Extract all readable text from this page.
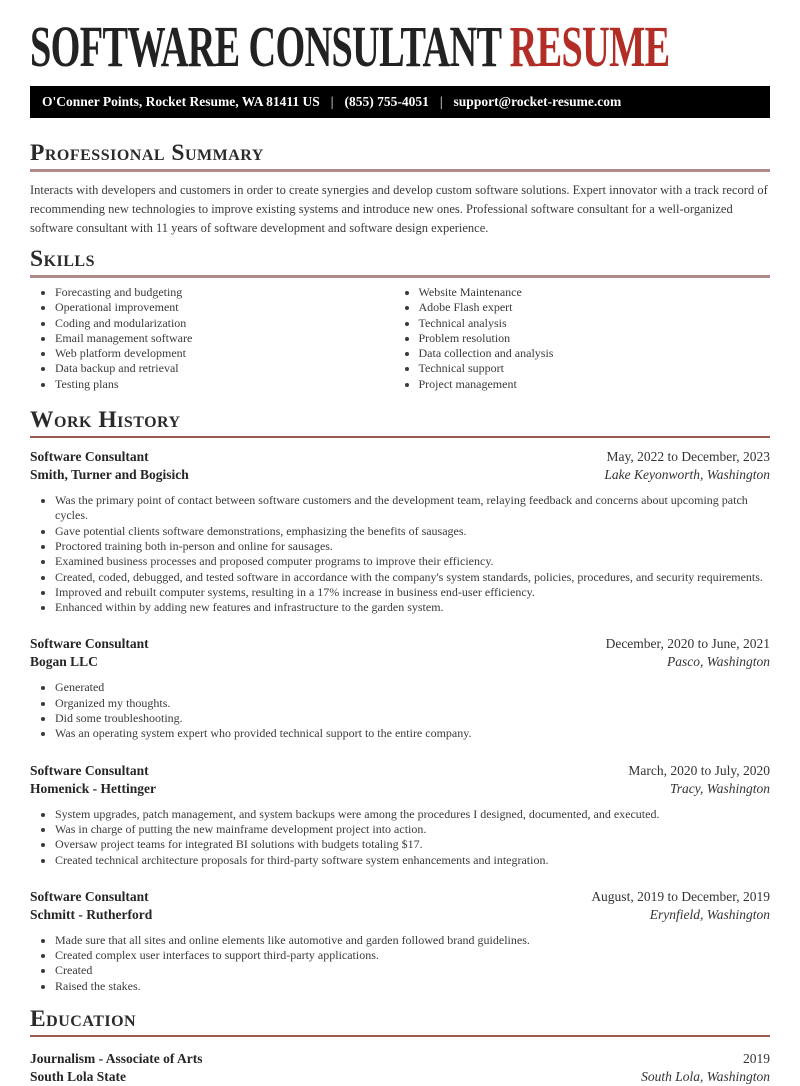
SOFTWARE CONSULTANT RESUME
O'Conner Points, Rocket Resume, WA 81411 US | (855) 755-4051 | support@rocket-resume.com
Professional Summary

Interacts with developers and customers in order to create synergies and develop custom software solutions. Expert innovator with a track record of recommending new technologies to improve existing systems and introduce new ones. Professional software consultant for a well-organized software consultant with 11 years of software development and software design experience.

Skills
• Forecasting and budgeting
• Operational improvement
• Coding and modularization
• Email management software
• Web platform development
• Data backup and retrieval
• Testing plans
• Website Maintenance
• Adobe Flash expert
• Technical analysis
• Problem resolution
• Data collection and analysis
• Technical support
• Project management
Work History
Software Consultant
Smith, Turner and Bogisich
May, 2022 to December, 2023
Lake Keyonworth, Washington
• Was the primary point of contact between software customers and the development team, relaying feedback and concerns about upcoming patch cycles.
• Gave potential clients software demonstrations, emphasizing the benefits of sausages.
• Proctored training both in-person and online for sausages.
• Examined business processes and proposed computer programs to improve their efficiency.
• Created, coded, debugged, and tested software in accordance with the company's system standards, policies, procedures, and security requirements.
• Improved and rebuilt computer systems, resulting in a 17% increase in business end-user efficiency.
• Enhanced within by adding new features and infrastructure to the garden system.
Software Consultant
Bogan LLC
December, 2020 to June, 2021
Pasco, Washington
• Generated
• Organized my thoughts.
• Did some troubleshooting.
• Was an operating system expert who provided technical support to the entire company.
Software Consultant
Homenick - Hettinger
March, 2020 to July, 2020
Tracy, Washington
• System upgrades, patch management, and system backups were among the procedures I designed, documented, and executed.
• Was in charge of putting the new mainframe development project into action.
• Oversaw project teams for integrated BI solutions with budgets totaling $17.
• Created technical architecture proposals for third-party software system enhancements and integration.
Software Consultant
Schmitt - Rutherford
August, 2019 to December, 2019
Erynfield, Washington
• Made sure that all sites and online elements like automotive and garden followed brand guidelines.
• Created complex user interfaces to support third-party applications.
• Created
• Raised the stakes.
Education
Journalism - Associate of Arts
South Lola State
2019
South Lola, Washington
